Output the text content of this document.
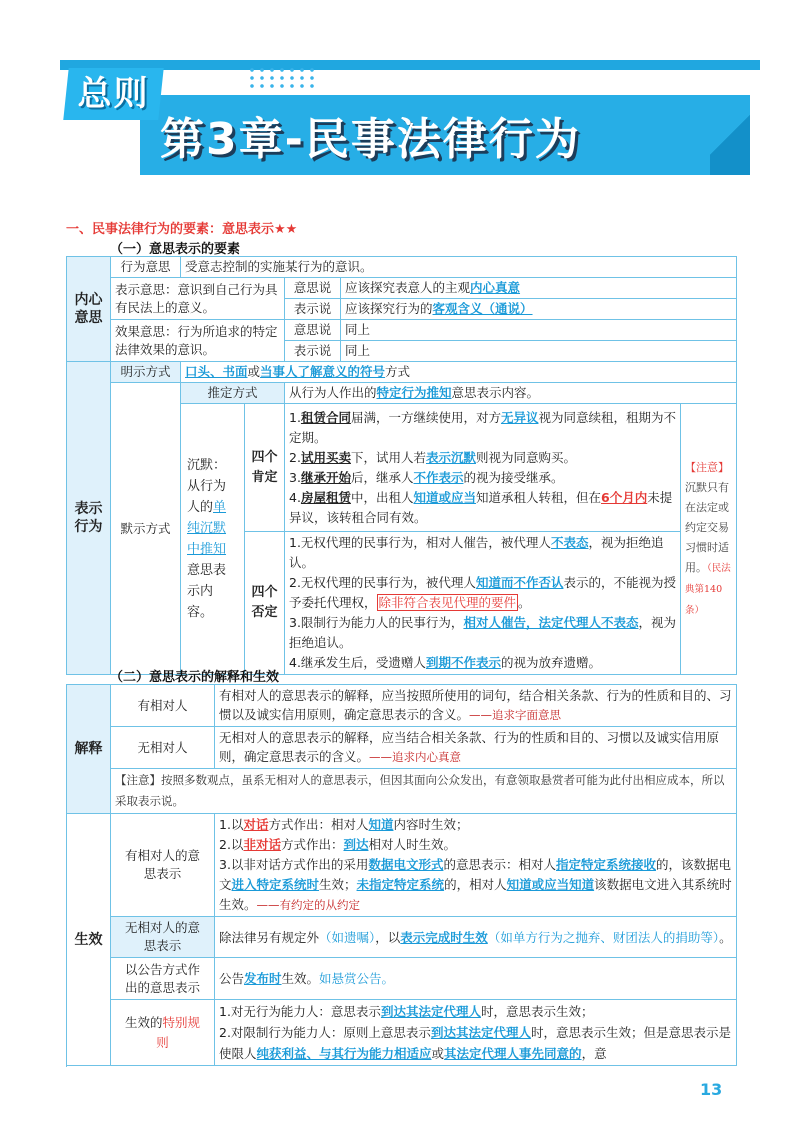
总则
第3章-民事法律行为
一、民事法律行为的要素：意思表示★★
（一）意思表示的要素
内心意思	行为意思	受意志控制的实施某行为的意识。				
	表示意思：意识到自己行为具有民法上的意义。			意思说	应该探究表意人的主观内心真意	
				表示说	应该探究行为的客观含义（通说）	
	效果意思：行为所追求的特定法律效果的意识。			意思说	同上	
				表示说	同上	

表示行为	明示方式	口头、书面或当事人了解意义的符号方式				
	默示方式	推定方式		从行为人作出的特定行为推知意思表示内容。		
		沉默：从行为人的单纯沉默中推知意思表示内容。	四个肯定	1.租赁合同届满，一方继续使用，对方无异议视为同意续租，租期为不定期。
2.试用买卖下，试用人若表示沉默则视为同意购买。
3.继承开始后，继承人不作表示的视为接受继承。
4.房屋租赁中，出租人知道或应当知道承租人转租，但在6个月内未提异议，该转租合同有效。		【注意】沉默只有在法定或约定交易习惯时适用。（民法典第140条）
			四个否定	1.无权代理的民事行为，相对人催告，被代理人不表态，视为拒绝追认。
2.无权代理的民事行为，被代理人知道而不作否认表示的，不能视为授予委托代理权， 除非符合表见代理的要件 。
3.限制行为能力人的民事行为，相对人催告，法定代理人不表态，视为拒绝追认。
4.继承发生后，受遗赠人到期不作表示的视为放弃遗赠。		
（二）意思表示的解释和生效
解释	有相对人	有相对人的意思表示的解释，应当按照所使用的词句，结合相关条款、行为的性质和目的、习惯以及诚实信用原则，确定意思表示的含义。——追求字面意思
	无相对人	无相对人的意思表示的解释，应当结合相关条款、行为的性质和目的、习惯以及诚实信用原则，确定意思表示的含义。——追求内心真意
	【注意】按照多数观点，虽系无相对人的意思表示，但因其面向公众发出，有意领取悬赏者可能为此付出相应成本，所以采取表示说。	
生效	有相对人的意思表示	1.以对话方式作出：相对人知道内容时生效；
2.以非对话方式作出：到达相对人时生效。
3.以非对话方式作出的采用数据电文形式的意思表示：相对人指定特定系统接收的，该数据电文进入特定系统时生效；未指定特定系统的，相对人知道或应当知道该数据电文进入其系统时生效。——有约定的从约定

	无相对人的意思表示	除法律另有规定外（如遗嘱），以表示完成时生效（如单方行为之抛弃、财团法人的捐助等）。
	以公告方式作出的意思表示	公告发布时生效。如悬赏公告。
	生效的特别规则	1.对无行为能力人：意思表示到达其法定代理人时，意思表示生效；
2.对限制行为能力人：原则上意思表示到达其法定代理人时，意思表示生效；但是意思表示是使限人纯获利益、与其行为能力相适应或其法定代理人事先同意的，意

13
